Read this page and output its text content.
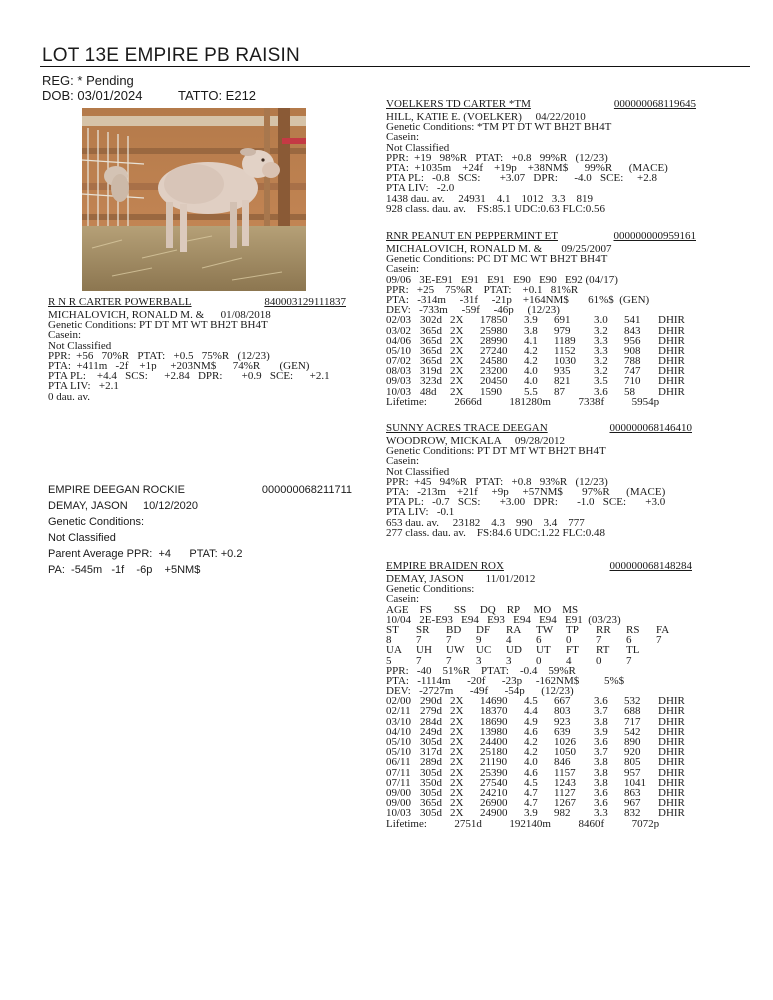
LOT 13E EMPIRE PB RAISIN
REG: * Pending
DOB: 03/01/2024	TATTO: E212

R N R CARTER POWERBALL

	840003129111837

MICHALOVICH, RONALD M. &      01/08/2018
Genetic Conditions: PT DT MT WT BH2T BH4T
Casein:
Not Classified
PPR:  +56   70%R   PTAT:   +0.5   75%R   (12/23)
PTA:  +411m   -2f    +1p     +203NM$      74%R       (GEN)
PTA PL:    +4.4   SCS:      +2.84   DPR:       +0.9   SCE:      +2.1
PTA LIV:   +2.1
0 dau. av.

VOELKERS TD CARTER *TM

	000000068119645

HILL, KATIE E. (VOELKER)     04/22/2010
Genetic Conditions: *TM PT DT WT BH2T BH4T
Casein:
Not Classified
PPR:  +19   98%R   PTAT:   +0.8   99%R   (12/23)
PTA:  +1035m    +24f    +19p    +38NM$      99%R      (MACE)
PTA PL:   -0.8   SCS:       +3.07   DPR:      -4.0   SCE:     +2.8
PTA LIV:   -2.0
1438 dau. av.     24931    4.1    1012   3.3    819
928 class. dau. av.    FS:85.1 UDC:0.63 FLC:0.56

RNR PEANUT EN PEPPERMINT ET

	000000000959161

MICHALOVICH, RONALD M. &       09/25/2007
Genetic Conditions: PC DT MC WT BH2T BH4T
Casein:
09/06   3E-E91   E91   E91   E90   E90   E92 (04/17)
PPR:   +25    75%R    PTAT:    +0.1   81%R
PTA:   -314m     -31f     -21p    +164NM$       61%$  (GEN)
DEV:   -733m     -59f     -46p     (12/23)
02/03 302d 2X 17850 3.9 691 3.0 541 DHIR
03/02 365d 2X 25980 3.8 979 3.2 843 DHIR
04/06 365d 2X 28990 4.1 1189 3.3 956 DHIR
05/10 365d 2X 27240 4.2 1152 3.3 908 DHIR
07/02 365d 2X 24580 4.2 1030 3.2 788 DHIR
08/03 319d 2X 23200 4.0 935 3.2 747 DHIR
09/03 323d 2X 20450 4.0 821 3.5 710 DHIR
10/03 48d 2X 1590 5.5 87	3.6 58 DHIR
Lifetime:          2666d          181280m          7338f          5954p

EMPIRE DEEGAN ROCKIE

	000000068211711

DEMAY, JASON     10/12/2020
Genetic Conditions:
Not Classified
Parent Average PPR:  +4      PTAT: +0.2
PA:  -545m   -1f    -6p    +5NM$

SUNNY ACRES TRACE DEEGAN

	000000068146410

WOODROW, MICKALA     09/28/2012
Genetic Conditions: PT DT MT WT BH2T BH4T
Casein:
Not Classified
PPR:  +45   94%R   PTAT:   +0.8   93%R   (12/23)
PTA:   -213m    +21f     +9p     +57NM$       97%R      (MACE)
PTA PL:   -0.7   SCS:       +3.00   DPR:       -1.0   SCE:       +3.0
PTA LIV:   -0.1
653 dau. av.     23182    4.3    990    3.4    777
277 class. dau. av.    FS:84.6 UDC:1.22 FLC:0.48

EMPIRE BRAIDEN ROX

	000000068148284

DEMAY, JASON        11/01/2012
Genetic Conditions:
Casein:
AGE    FS        SS     DQ    RP     MO    MS
10/04   2E-E93   E94   E93   E94   E94   E91  (03/23)
ST SR BD DF RA TW TP RR RS FA
8 7 7 9 4 6 0 7 6 7
UA UH UW UC UD UT FT RT TL
5 7 7 3 3 0 4 0 7
PPR:   -40    51%R    PTAT:    -0.4    59%R
PTA:   -1114m      -20f      -23p     -162NM$         5%$
DEV:   -2727m      -49f      -54p      (12/23)
02/00 290d 2X 14690 4.5 667 3.6 532 DHIR
02/11 279d 2X 18370 4.4 803 3.7 688 DHIR
03/10 284d 2X 18690 4.9 923 3.8 717 DHIR
04/10 249d 2X 13980 4.6 639 3.9 542 DHIR
05/10 305d 2X 24400 4.2 1026 3.6 890 DHIR
05/10 317d 2X 25180 4.2 1050 3.7 920 DHIR
06/11 289d 2X 21190 4.0 846 3.8 805 DHIR
07/11 305d 2X 25390 4.6 1157 3.8 957 DHIR
07/11 350d 2X 27540 4.5 1243 3.8 1041 DHIR
09/00 305d 2X 24210 4.7 1127 3.6 863 DHIR
09/00 365d 2X 26900 4.7 1267 3.6 967 DHIR
10/03 305d 2X 24900 3.9 982 3.3 832 DHIR
Lifetime:          2751d          192140m          8460f          7072p
